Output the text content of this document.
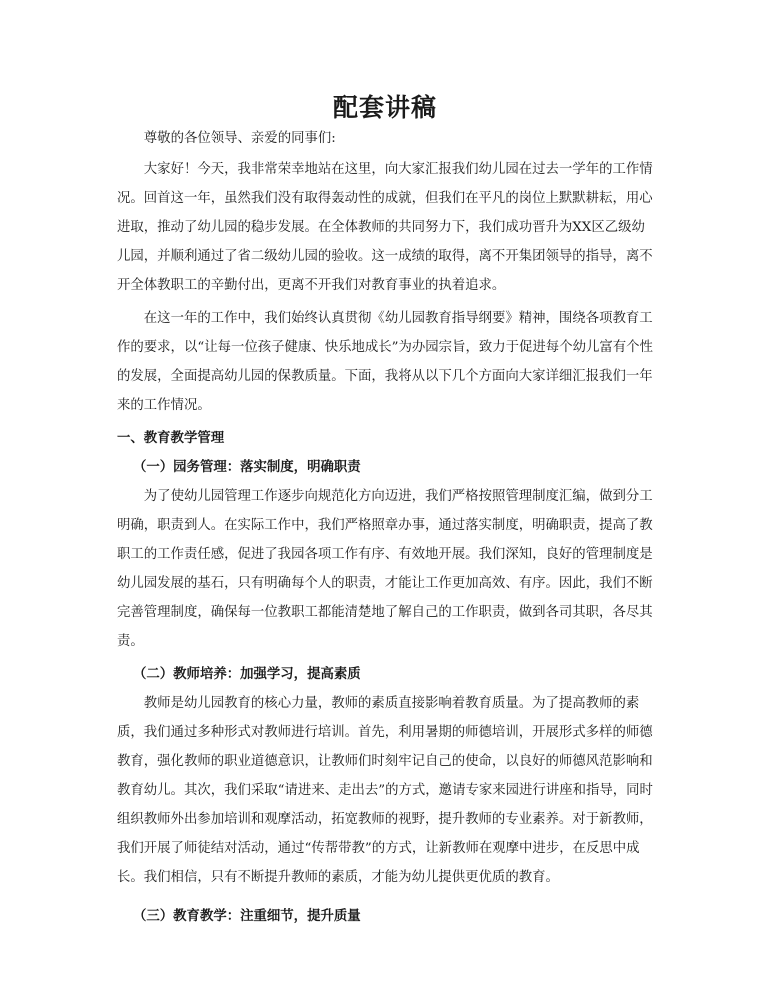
配套讲稿

尊敬的各位领导、亲爱的同事们:

大家好！今天，我非常荣幸地站在这里，向大家汇报我们幼儿园在过去一学年的工作情况。回首这一年，虽然我们没有取得轰动性的成就，但我们在平凡的岗位上默默耕耘，用心进取，推动了幼儿园的稳步发展。在全体教师的共同努力下，我们成功晋升为XX区乙级幼儿园，并顺利通过了省二级幼儿园的验收。这一成绩的取得，离不开集团领导的指导，离不开全体教职工的辛勤付出，更离不开我们对教育事业的执着追求。

在这一年的工作中，我们始终认真贯彻《幼儿园教育指导纲要》精神，围绕各项教育工作的要求，以“让每一位孩子健康、快乐地成长”为办园宗旨，致力于促进每个幼儿富有个性的发展，全面提高幼儿园的保教质量。下面，我将从以下几个方面向大家详细汇报我们一年来的工作情况。

一、教育教学管理

（一）园务管理：落实制度，明确职责

为了使幼儿园管理工作逐步向规范化方向迈进，我们严格按照管理制度汇编，做到分工明确，职责到人。在实际工作中，我们严格照章办事，通过落实制度，明确职责，提高了教职工的工作责任感，促进了我园各项工作有序、有效地开展。我们深知，良好的管理制度是幼儿园发展的基石，只有明确每个人的职责，才能让工作更加高效、有序。因此，我们不断完善管理制度，确保每一位教职工都能清楚地了解自己的工作职责，做到各司其职，各尽其责。

（二）教师培养：加强学习，提高素质

教师是幼儿园教育的核心力量，教师的素质直接影响着教育质量。为了提高教师的素质，我们通过多种形式对教师进行培训。首先，利用暑期的师德培训，开展形式多样的师德教育，强化教师的职业道德意识，让教师们时刻牢记自己的使命，以良好的师德风范影响和教育幼儿。其次，我们采取“请进来、走出去”的方式，邀请专家来园进行讲座和指导，同时组织教师外出参加培训和观摩活动，拓宽教师的视野，提升教师的专业素养。对于新教师，我们开展了师徒结对活动，通过“传帮带教”的方式，让新教师在观摩中进步，在反思中成长。我们相信，只有不断提升教师的素质，才能为幼儿提供更优质的教育。

（三）教育教学：注重细节，提升质量
